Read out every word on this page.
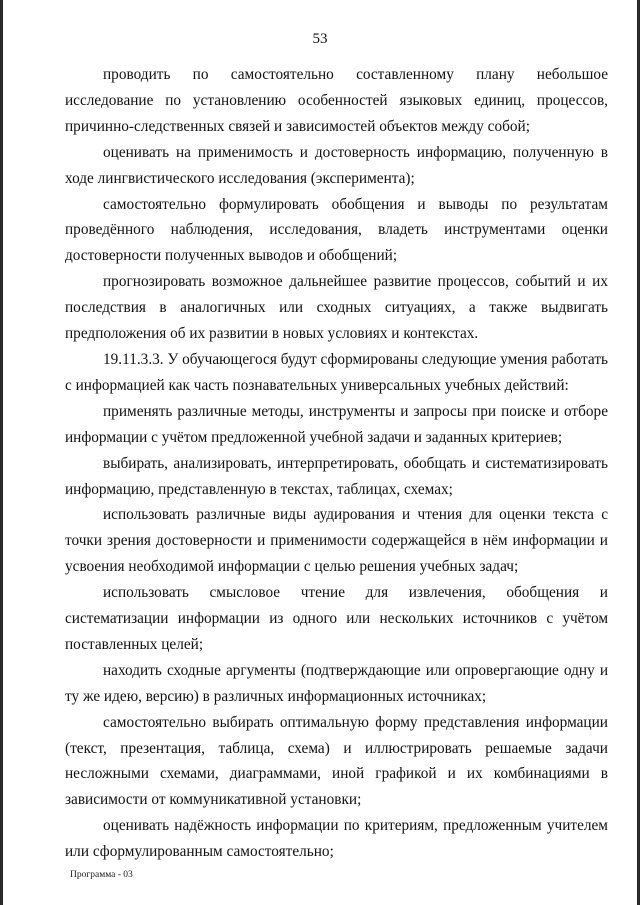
53

проводить по самостоятельно составленному плану небольшое исследование по установлению особенностей языковых единиц, процессов, причинно-следственных связей и зависимостей объектов между собой;

оценивать на применимость и достоверность информацию, полученную в ходе лингвистического исследования (эксперимента);

самостоятельно формулировать обобщения и выводы по результатам проведённого наблюдения, исследования, владеть инструментами оценки достоверности полученных выводов и обобщений;

прогнозировать возможное дальнейшее развитие процессов, событий и их последствия в аналогичных или сходных ситуациях, а также выдвигать предположения об их развитии в новых условиях и контекстах.

19.11.3.3. У обучающегося будут сформированы следующие умения работать с информацией как часть познавательных универсальных учебных действий:

применять различные методы, инструменты и запросы при поиске и отборе информации с учётом предложенной учебной задачи и заданных критериев;

выбирать, анализировать, интерпретировать, обобщать и систематизировать информацию, представленную в текстах, таблицах, схемах;

использовать различные виды аудирования и чтения для оценки текста с точки зрения достоверности и применимости содержащейся в нём информации и усвоения необходимой информации с целью решения учебных задач;

использовать смысловое чтение для извлечения, обобщения и систематизации информации из одного или нескольких источников с учётом поставленных целей;

находить сходные аргументы (подтверждающие или опровергающие одну и ту же идею, версию) в различных информационных источниках;

самостоятельно выбирать оптимальную форму представления информации (текст, презентация, таблица, схема) и иллюстрировать решаемые задачи несложными схемами, диаграммами, иной графикой и их комбинациями в зависимости от коммуникативной установки;

оценивать надёжность информации по критериям, предложенным учителем или сформулированным самостоятельно;

Программа - 03
